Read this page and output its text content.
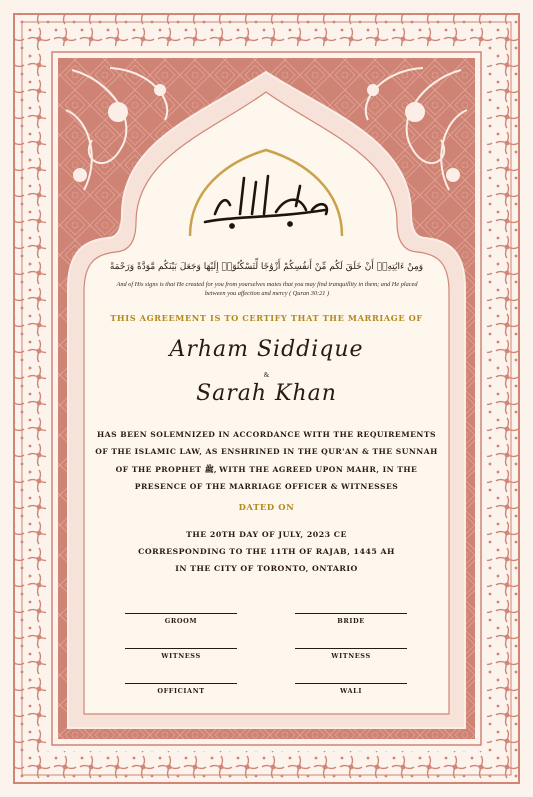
وَمِنْ ءَايَٰتِهِۦٓ أَنْ خَلَقَ لَكُم مِّنْ أَنفُسِكُمْ أَزْوَٰجًا لِّتَسْكُنُوٓا۟ إِلَيْهَا وَجَعَلَ بَيْنَكُم مَّوَدَّةً وَرَحْمَةً
And of His signs is that He created for you from yourselves mates that you may find tranquillity in them; and He placed between you affection and mercy ( Quran 30:21 )
THIS AGREEMENT IS TO CERTIFY THAT THE MARRIAGE OF
Arham Siddique
&
Sarah Khan
HAS BEEN SOLEMNIZED IN ACCORDANCE WITH THE REQUIREMENTS OF THE ISLAMIC LAW, AS ENSHRINED IN THE QUR'AN & THE SUNNAH OF THE PROPHET ﷺ, WITH THE AGREED UPON MAHR, IN THE PRESENCE OF THE MARRIAGE OFFICER & WITNESSES
DATED ON
THE 20TH DAY OF JULY, 2023 CE
CORRESPONDING TO THE 11TH OF RAJAB, 1445 AH
IN THE CITY OF TORONTO, ONTARIO
GROOM	BRIDE
WITNESS	WITNESS
OFFICIANT	WALI
